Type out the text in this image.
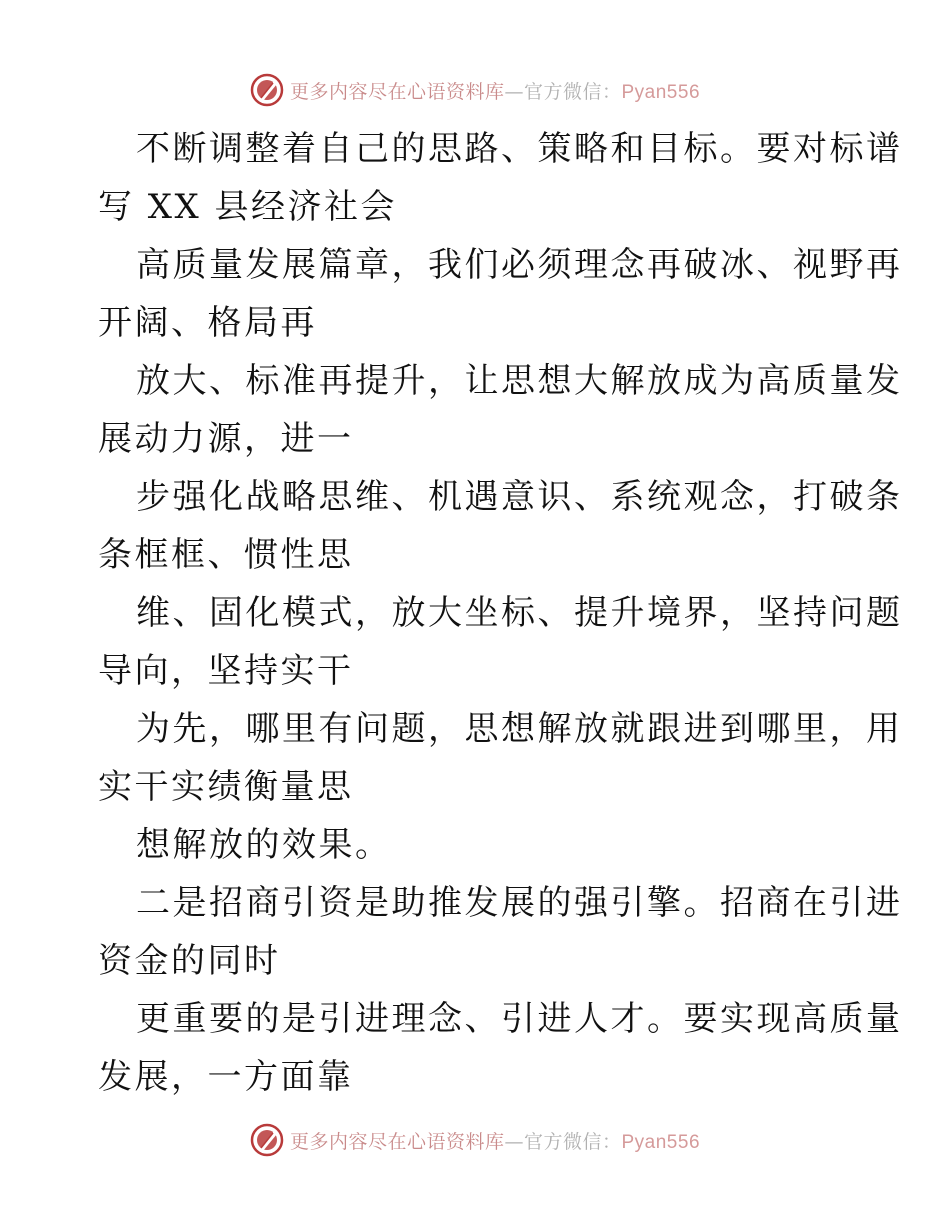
更多内容尽在心语资料库—官方微信：Pyan556
不断调整着自己的思路、策略和目标。要对标谱
写 XX 县经济社会
高质量发展篇章，我们必须理念再破冰、视野再
开阔、格局再
放大、标准再提升，让思想大解放成为高质量发
展动力源，进一
步强化战略思维、机遇意识、系统观念，打破条
条框框、惯性思
维、固化模式，放大坐标、提升境界，坚持问题
导向，坚持实干
为先，哪里有问题，思想解放就跟进到哪里，用
实干实绩衡量思
想解放的效果。
二是招商引资是助推发展的强引擎。招商在引进
资金的同时
更重要的是引进理念、引进人才。要实现高质量
发展，一方面靠
更多内容尽在心语资料库—官方微信：Pyan556
